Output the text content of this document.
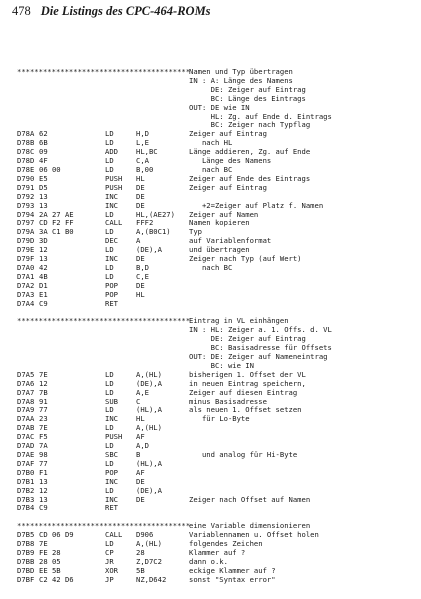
478 Die Listings des CPC-464-ROMs
****************************************
Namen und Typ übertragen
IN : A: Länge des Namens
DE: Zeiger auf Eintrag
BC: Länge des Eintrags
OUT: DE wie IN
HL: Zg. auf Ende d. Eintrags
BC: Zeiger nach Typflag
D78A 62	LD	H,D	Zeiger auf Eintrag
D78B 6B	LD	L,E	nach HL
D78C 09	ADD	HL,BC	Länge addieren, Zg. auf Ende
D78D 4F	LD	C,A	Länge des Namens
D78E 06 00	LD	B,00	nach BC
D790 E5	PUSH HL	Zeiger auf Ende des Eintrags
D791 D5	PUSH DE	Zeiger auf Eintrag
D792 13	INC	DE
D793 13	INC	DE	+2=Zeiger auf Platz f. Namen
D794 2A 27 AE	LD	HL,(AE27) Zeiger auf Namen
D797 CD F2 FF	CALL FFF2	Namen kopieren
D79A 3A C1 B0	LD	A,(B0C1)	Typ
D79D 3D	DEC	A	auf Variablenformat
D79E 12	LD	(DE),A	und übertragen
D79F 13	INC	DE	Zeiger nach Typ (auf Wert)
D7A0 42	LD	B,D	nach BC
D7A1 4B	LD	C,E
D7A2 D1	POP	DE
D7A3 E1	POP	HL
D7A4 C9	RET
****************************************
Eintrag in VL einhängen
IN : HL: Zeiger a. 1. Offs. d. VL
DE: Zeiger auf Eintrag
BC: Basisadresse für Offsets
OUT: DE: Zeiger auf Nameneintrag
BC: wie IN
D7A5 7E	LD	A,(HL)	bisherigen 1. Offset der VL
D7A6 12	LD	(DE),A	in neuen Eintrag speichern,
D7A7 7B	LD	A,E	Zeiger auf diesen Eintrag
D7A8 91	SUB	C	minus Basisadresse
D7A9 77	LD	(HL),A	als neuen 1. Offset setzen
D7AA 23	INC	HL	für Lo-Byte
D7AB 7E	LD	A,(HL)
D7AC F5	PUSH AF
D7AD 7A	LD	A,D
D7AE 98	SBC	B	und analog für Hi-Byte
D7AF 77	LD	(HL),A
D7B0 F1	POP	AF
D7B1 13	INC	DE
D7B2 12	LD	(DE),A
D7B3 13	INC	DE	Zeiger nach Offset auf Namen
D7B4 C9	RET
****************************************
eine Variable dimensionieren
D7B5 CD 06 D9	CALL D906	Variablennamen u. Offset holen
D7B8 7E	LD	A,(HL)	folgendes Zeichen
D7B9 FE 28	CP	28	Klammer auf ?
D7BB 28 05	JR	Z,D7C2	dann o.k.
D7BD EE 5B	XOR	5B	eckige Klammer auf ?
D7BF C2 42 D6	JP	NZ,D642	sonst "Syntax error"
